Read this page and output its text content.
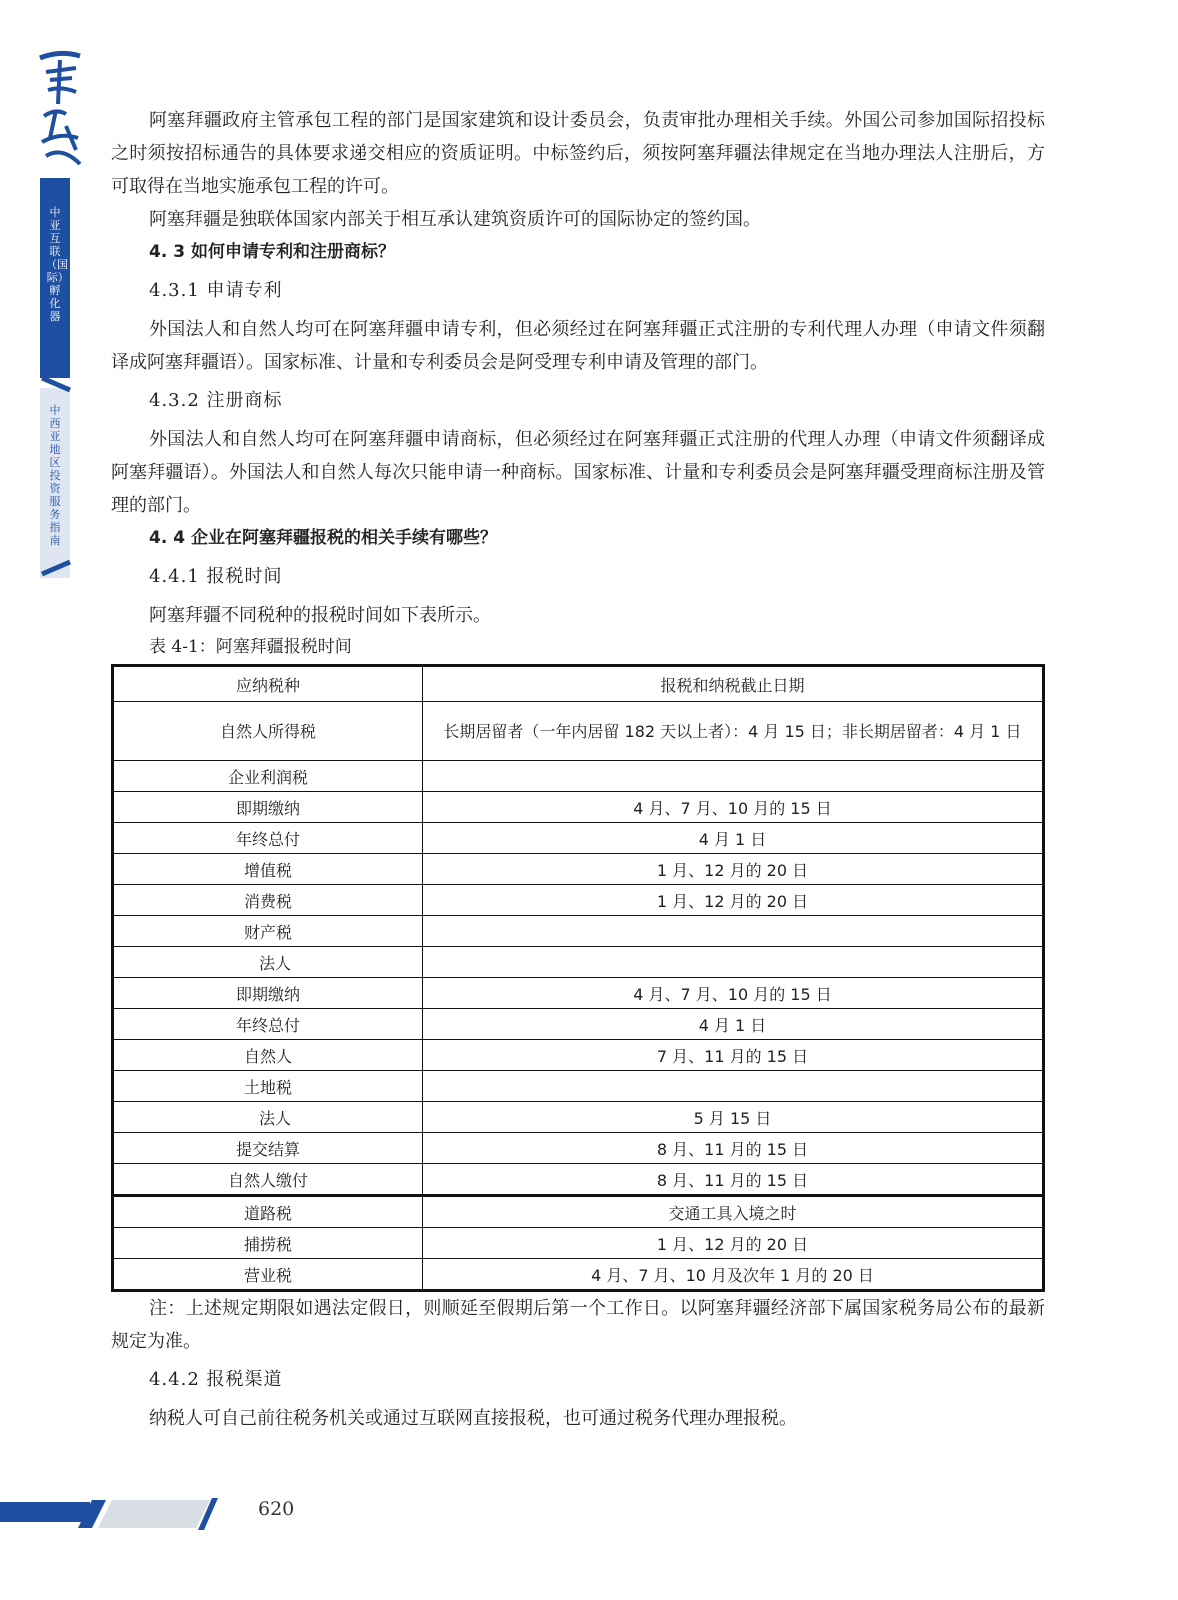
中亚互联（国际）孵化器
中西亚地区投资服务指南

阿塞拜疆政府主管承包工程的部门是国家建筑和设计委员会，负责审批办理相关手续。外国公司参加国际招投标之时须按招标通告的具体要求递交相应的资质证明。中标签约后，须按阿塞拜疆法律规定在当地办理法人注册后，方可取得在当地实施承包工程的许可。

阿塞拜疆是独联体国家内部关于相互承认建筑资质许可的国际协定的签约国。

4. 3 如何申请专利和注册商标？

4.3.1 申请专利

外国法人和自然人均可在阿塞拜疆申请专利，但必须经过在阿塞拜疆正式注册的专利代理人办理（申请文件须翻译成阿塞拜疆语）。国家标准、计量和专利委员会是阿受理专利申请及管理的部门。

4.3.2 注册商标

外国法人和自然人均可在阿塞拜疆申请商标，但必须经过在阿塞拜疆正式注册的代理人办理（申请文件须翻译成阿塞拜疆语）。外国法人和自然人每次只能申请一种商标。国家标准、计量和专利委员会是阿塞拜疆受理商标注册及管理的部门。

4. 4 企业在阿塞拜疆报税的相关手续有哪些？

4.4.1 报税时间

阿塞拜疆不同税种的报税时间如下表所示。

表 4-1：阿塞拜疆报税时间

应纳税种	报税和纳税截止日期
自然人所得税	长期居留者（一年内居留 182 天以上者）：4 月 15 日；非长期居留者：4 月 1 日
企业利润税	
即期缴纳	4 月、7 月、10 月的 15 日
年终总付	4 月 1 日
增值税	1 月、12 月的 20 日
消费税	1 月、12 月的 20 日
财产税	
法人	
即期缴纳	4 月、7 月、10 月的 15 日
年终总付	4 月 1 日
自然人	7 月、11 月的 15 日
土地税	
法人	5 月 15 日
提交结算	8 月、11 月的 15 日
自然人缴付	8 月、11 月的 15 日
道路税	交通工具入境之时
捕捞税	1 月、12 月的 20 日
营业税	4 月、7 月、10 月及次年 1 月的 20 日

注：上述规定期限如遇法定假日，则顺延至假期后第一个工作日。以阿塞拜疆经济部下属国家税务局公布的最新规定为准。

4.4.2 报税渠道

纳税人可自己前往税务机关或通过互联网直接报税，也可通过税务代理办理报税。

620
